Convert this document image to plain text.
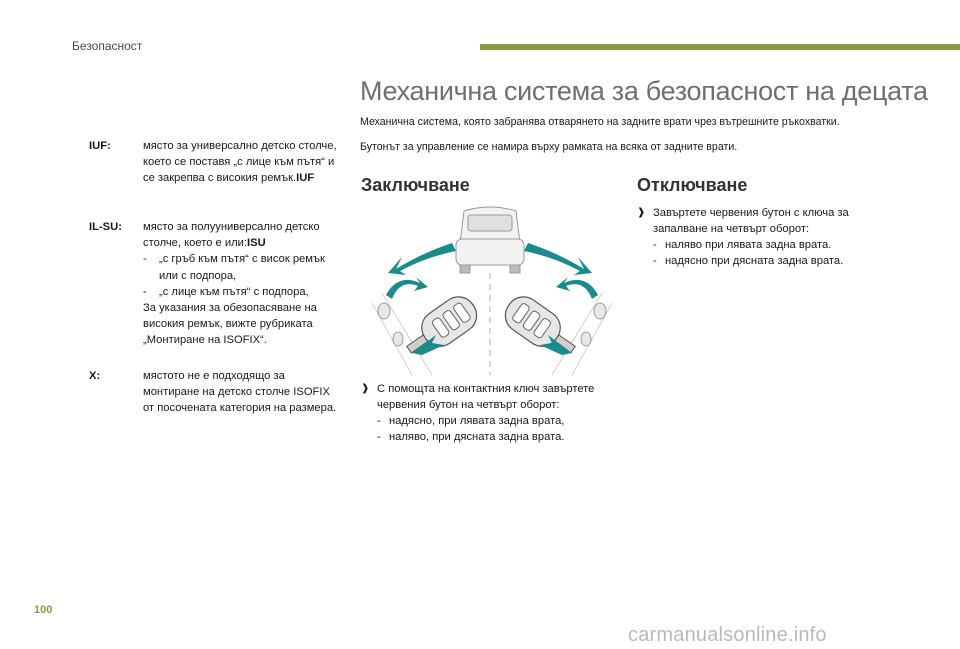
Безопасност
IUF:	място за универсално детско столче, което се поставя „с лице към пътя“ и се закрепва с високия ремък.IUF
IL-SU: място за полууниверсално детско столче, което е или:ISU
-	„с гръб към пътя“ с висок ремък или с подпора,
-	„с лице към пътя“ с подпора,
За указания за обезопасяване на високия ремък, вижте рубриката „Монтиране на ISOFIX“.
X:	мястото не е подходящо за монтиране на детско столче ISOFIX от посочената категория на размера.
Механична система за безопасност на децата
Механична система, която забранява отварянето на задните врати чрез вътрешните ръкохватки.
Бутонът за управление се намира върху рамката на всяка от задните врати.
Заключване	Отключване
❱ С помощта на контактния ключ завъртете червения бутон на четвърт оборот:
- надясно, при лявата задна врата,
- наляво, при дясната задна врата.
❱ Завъртете червения бутон с ключа за запалване на четвърт оборот:
- наляво при лявата задна врата.
- надясно при дясната задна врата.
100
carmanualsonline.info
